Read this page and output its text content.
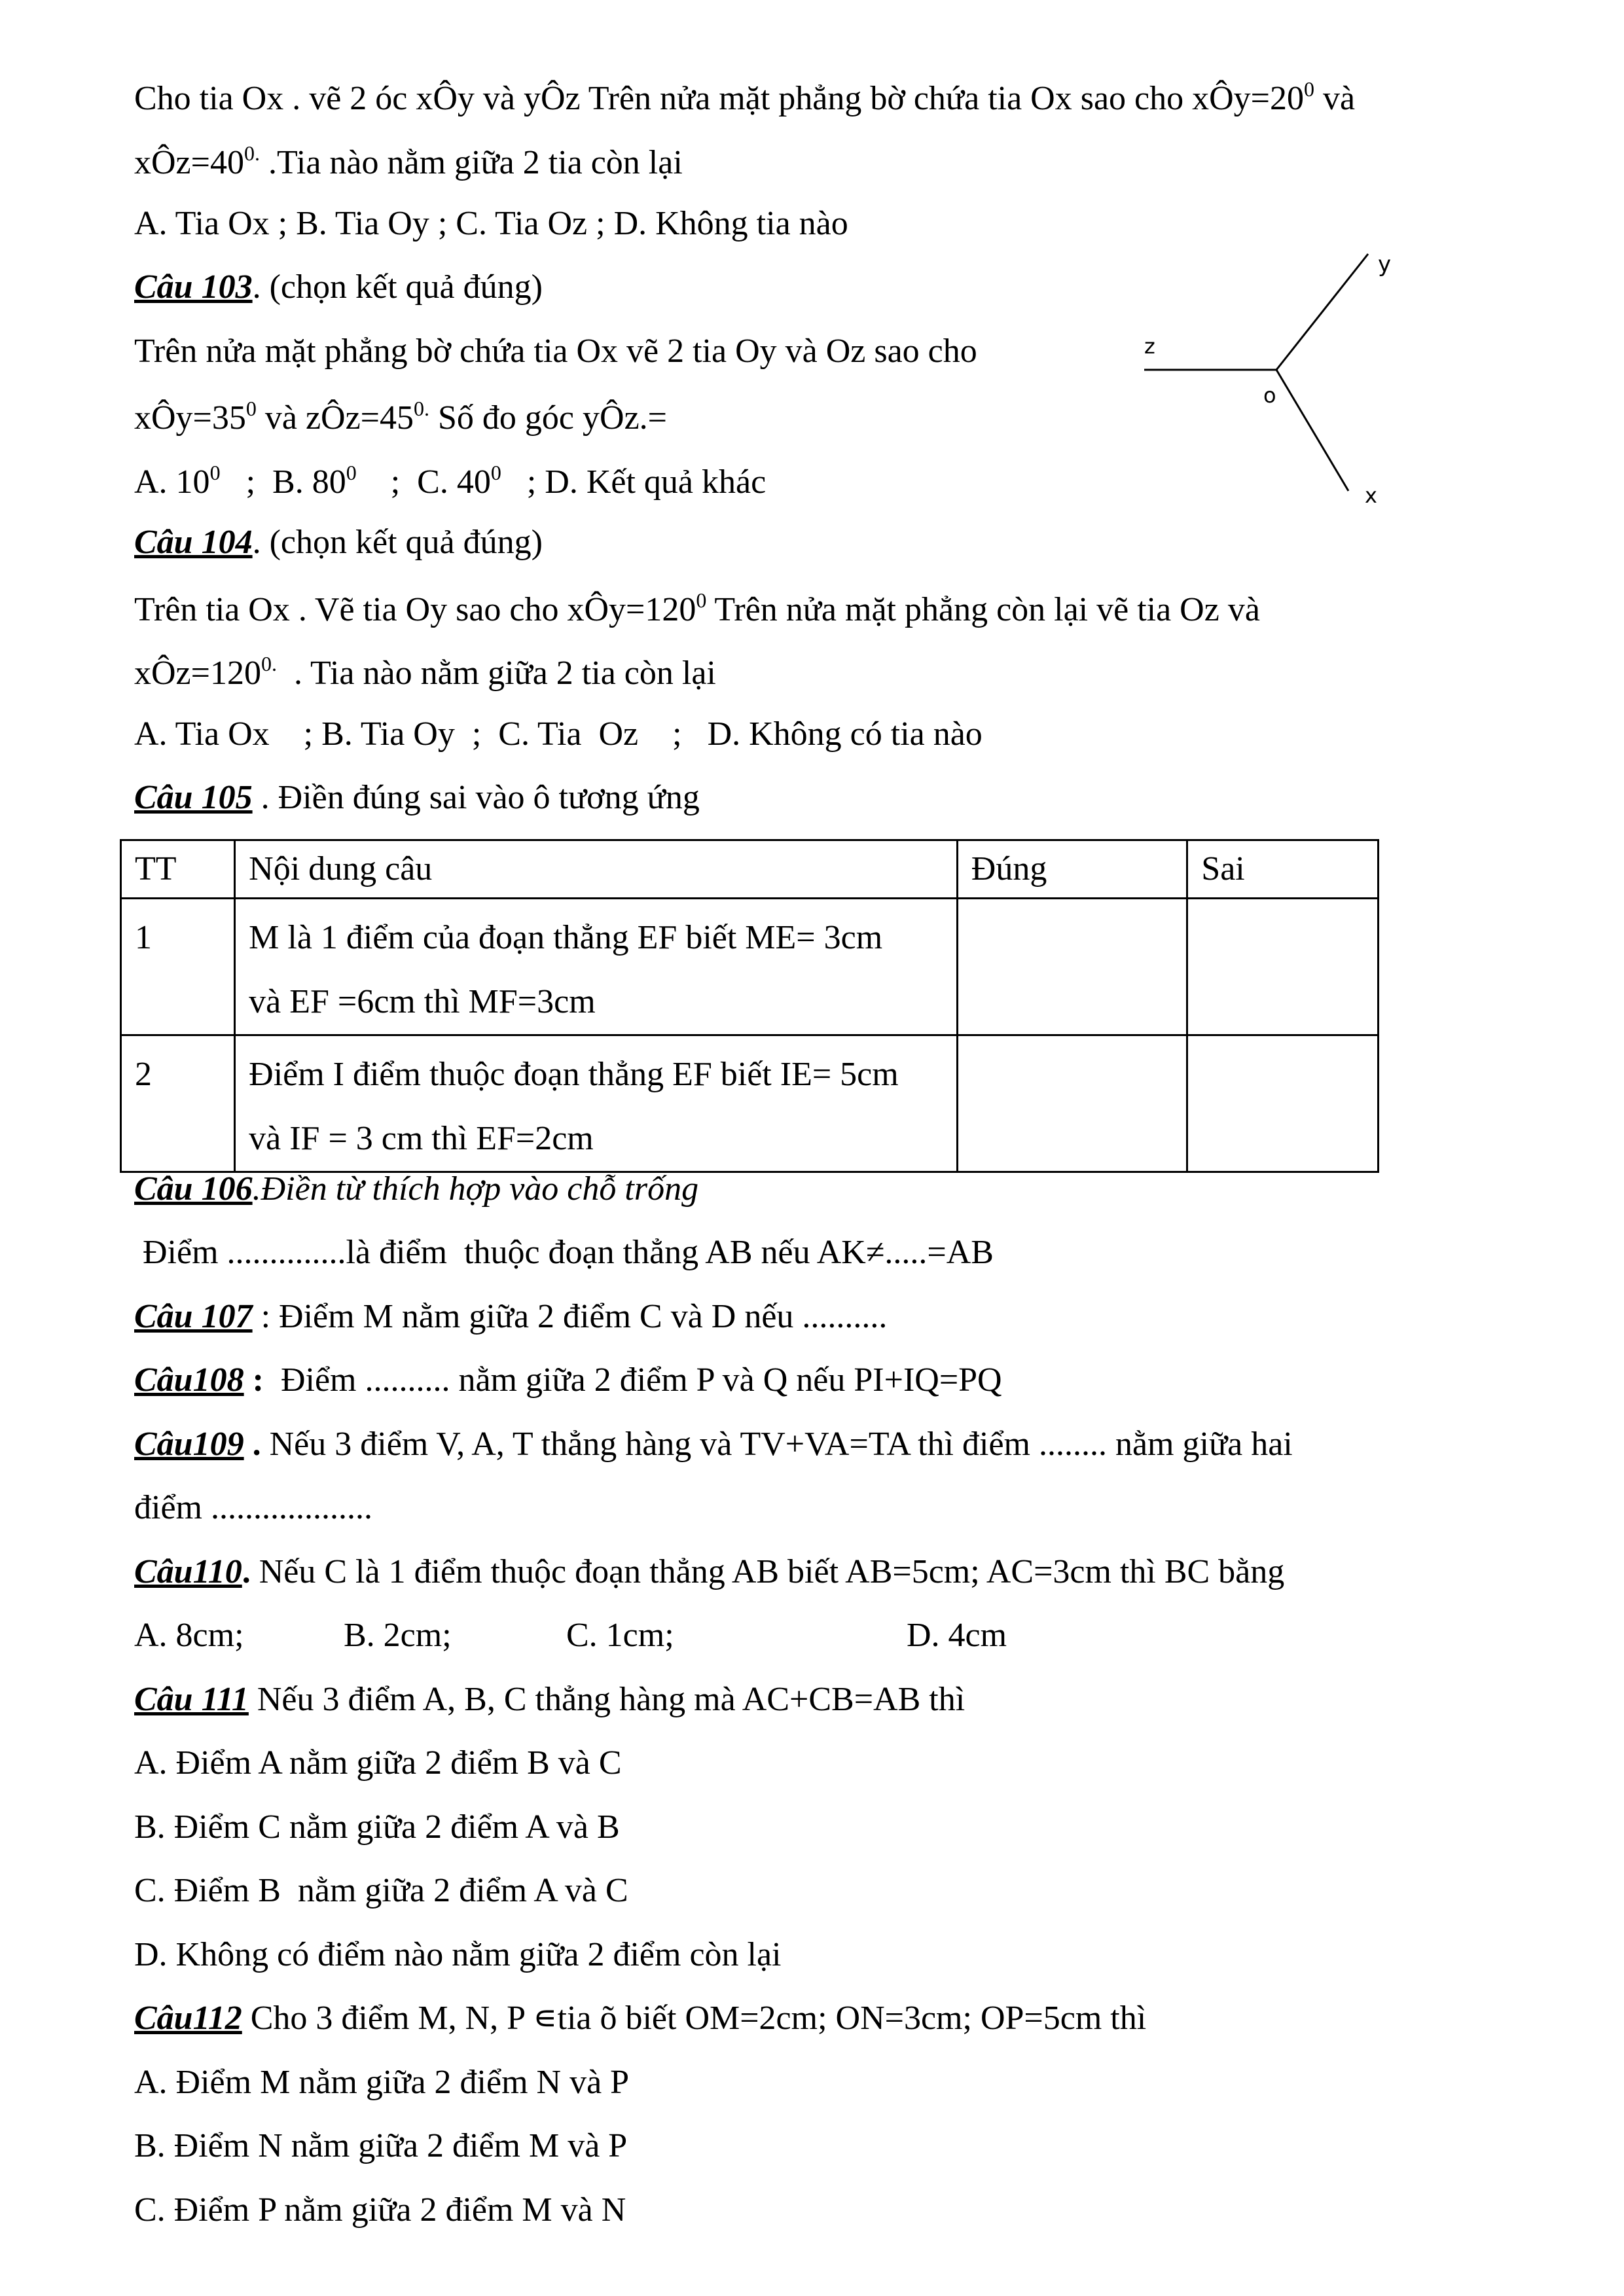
Cho tia Ox . vẽ 2 óc xÔy và yÔz Trên nửa mặt phẳng bờ chứa tia Ox sao cho $xÔy=20^0$ và
$xÔz=40^{0.}$ .Tia nào nằm giữa 2 tia còn lại
A. Tia Ox ; B. Tia Oy ; C. Tia Oz ; D. Không tia nào
Câu 103. (chọn kết quả đúng)
Trên nửa mặt phẳng bờ chứa tia Ox vẽ 2 tia Oy và Oz sao cho
$xÔy=35^0$ và $zÔz=45^{0.}$ Số đo góc yÔz.=
A. $10^0$   ;  B. $80^0$    ;  C. $40^0$   ; D. Kết quả khác
y
z
o
x
Câu 104. (chọn kết quả đúng)
Trên tia Ox . Vẽ tia Oy sao cho $xÔy=120^0$ Trên nửa mặt phẳng còn lại vẽ tia Oz và
$xÔz=120^{0.}$  . Tia nào nằm giữa 2 tia còn lại
A. Tia Ox    ; B. Tia Oy  ;  C. Tia  Oz    ;   D. Không có tia nào
Câu 105 . Điền đúng sai vào ô tương ứng
TT	Nội dung câu	Đúng	Sai
1	M là 1 điểm của đoạn thẳng EF biết ME= 3cm
và EF =6cm thì MF=3cm		

2	Điểm I điểm thuộc đoạn thẳng EF biết IE= 5cm
và IF = 3 cm thì EF=2cm		

Câu 106.Điền từ thích hợp vào chỗ trống
Điểm ..............là điểm  thuộc đoạn thẳng AB nếu AK≠.....=AB
Câu 107 : Điểm M nằm giữa 2 điểm C và D nếu ..........
Câu108 :  Điểm .......... nằm giữa 2 điểm P và Q nếu PI+IQ=PQ
Câu109 . Nếu 3 điểm V, A, T thẳng hàng và TV+VA=TA thì điểm ........ nằm giữa hai
điểm ...................
Câu110. Nếu C là 1 điểm thuộc đoạn thẳng AB biết AB=5cm; AC=3cm thì BC bằng
A. 8cm;	B. 2cm;	C. 1cm;	D. 4cm
Câu 111 Nếu 3 điểm A, B, C thẳng hàng mà AC+CB=AB thì
A. Điểm A nằm giữa 2 điểm B và C
B. Điểm C nằm giữa 2 điểm A và B
C. Điểm B  nằm giữa 2 điểm A và C
D. Không có điểm nào nằm giữa 2 điểm còn lại
Câu112 Cho 3 điểm M, N, P ∊tia õ biết OM=2cm; ON=3cm; OP=5cm thì
A. Điểm M nằm giữa 2 điểm N và P
B. Điểm N nằm giữa 2 điểm M và P
C. Điểm P nằm giữa 2 điểm M và N
